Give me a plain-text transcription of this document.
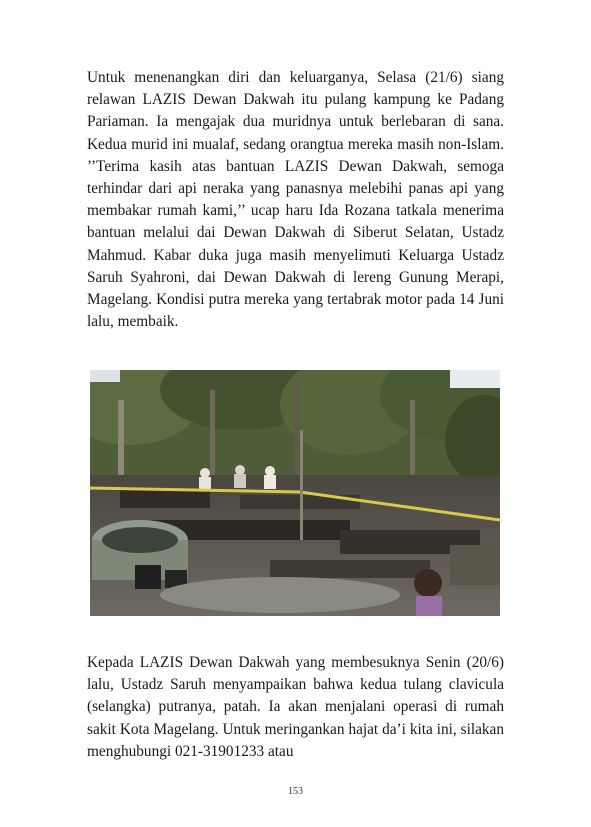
Untuk menenangkan diri dan keluarganya, Selasa (21/6) siang relawan LAZIS Dewan Dakwah itu pulang kampung ke Padang Pariaman. Ia mengajak dua muridnya untuk berlebaran di sana. Kedua murid ini mualaf, sedang orangtua mereka masih non-Islam. ’’Terima kasih atas bantuan LAZIS Dewan Dakwah, semoga terhindar dari api neraka yang panasnya melebihi panas api yang membakar rumah kami,’’ ucap haru Ida Rozana tatkala menerima bantuan melalui dai Dewan Dakwah di Siberut Selatan, Ustadz Mahmud. Kabar duka juga masih menyelimuti Keluarga Ustadz Saruh Syahroni, dai Dewan Dakwah di lereng Gunung Merapi, Magelang. Kondisi putra mereka yang tertabrak motor pada 14 Juni lalu, membaik.

Kepada LAZIS Dewan Dakwah yang membesuknya Senin (20/6) lalu, Ustadz Saruh menyampaikan bahwa kedua tulang clavicula (selangka) putranya, patah. Ia akan menjalani operasi di rumah sakit Kota Magelang. Untuk meringankan hajat da’i kita ini, silakan menghubungi 021-31901233 atau

153
